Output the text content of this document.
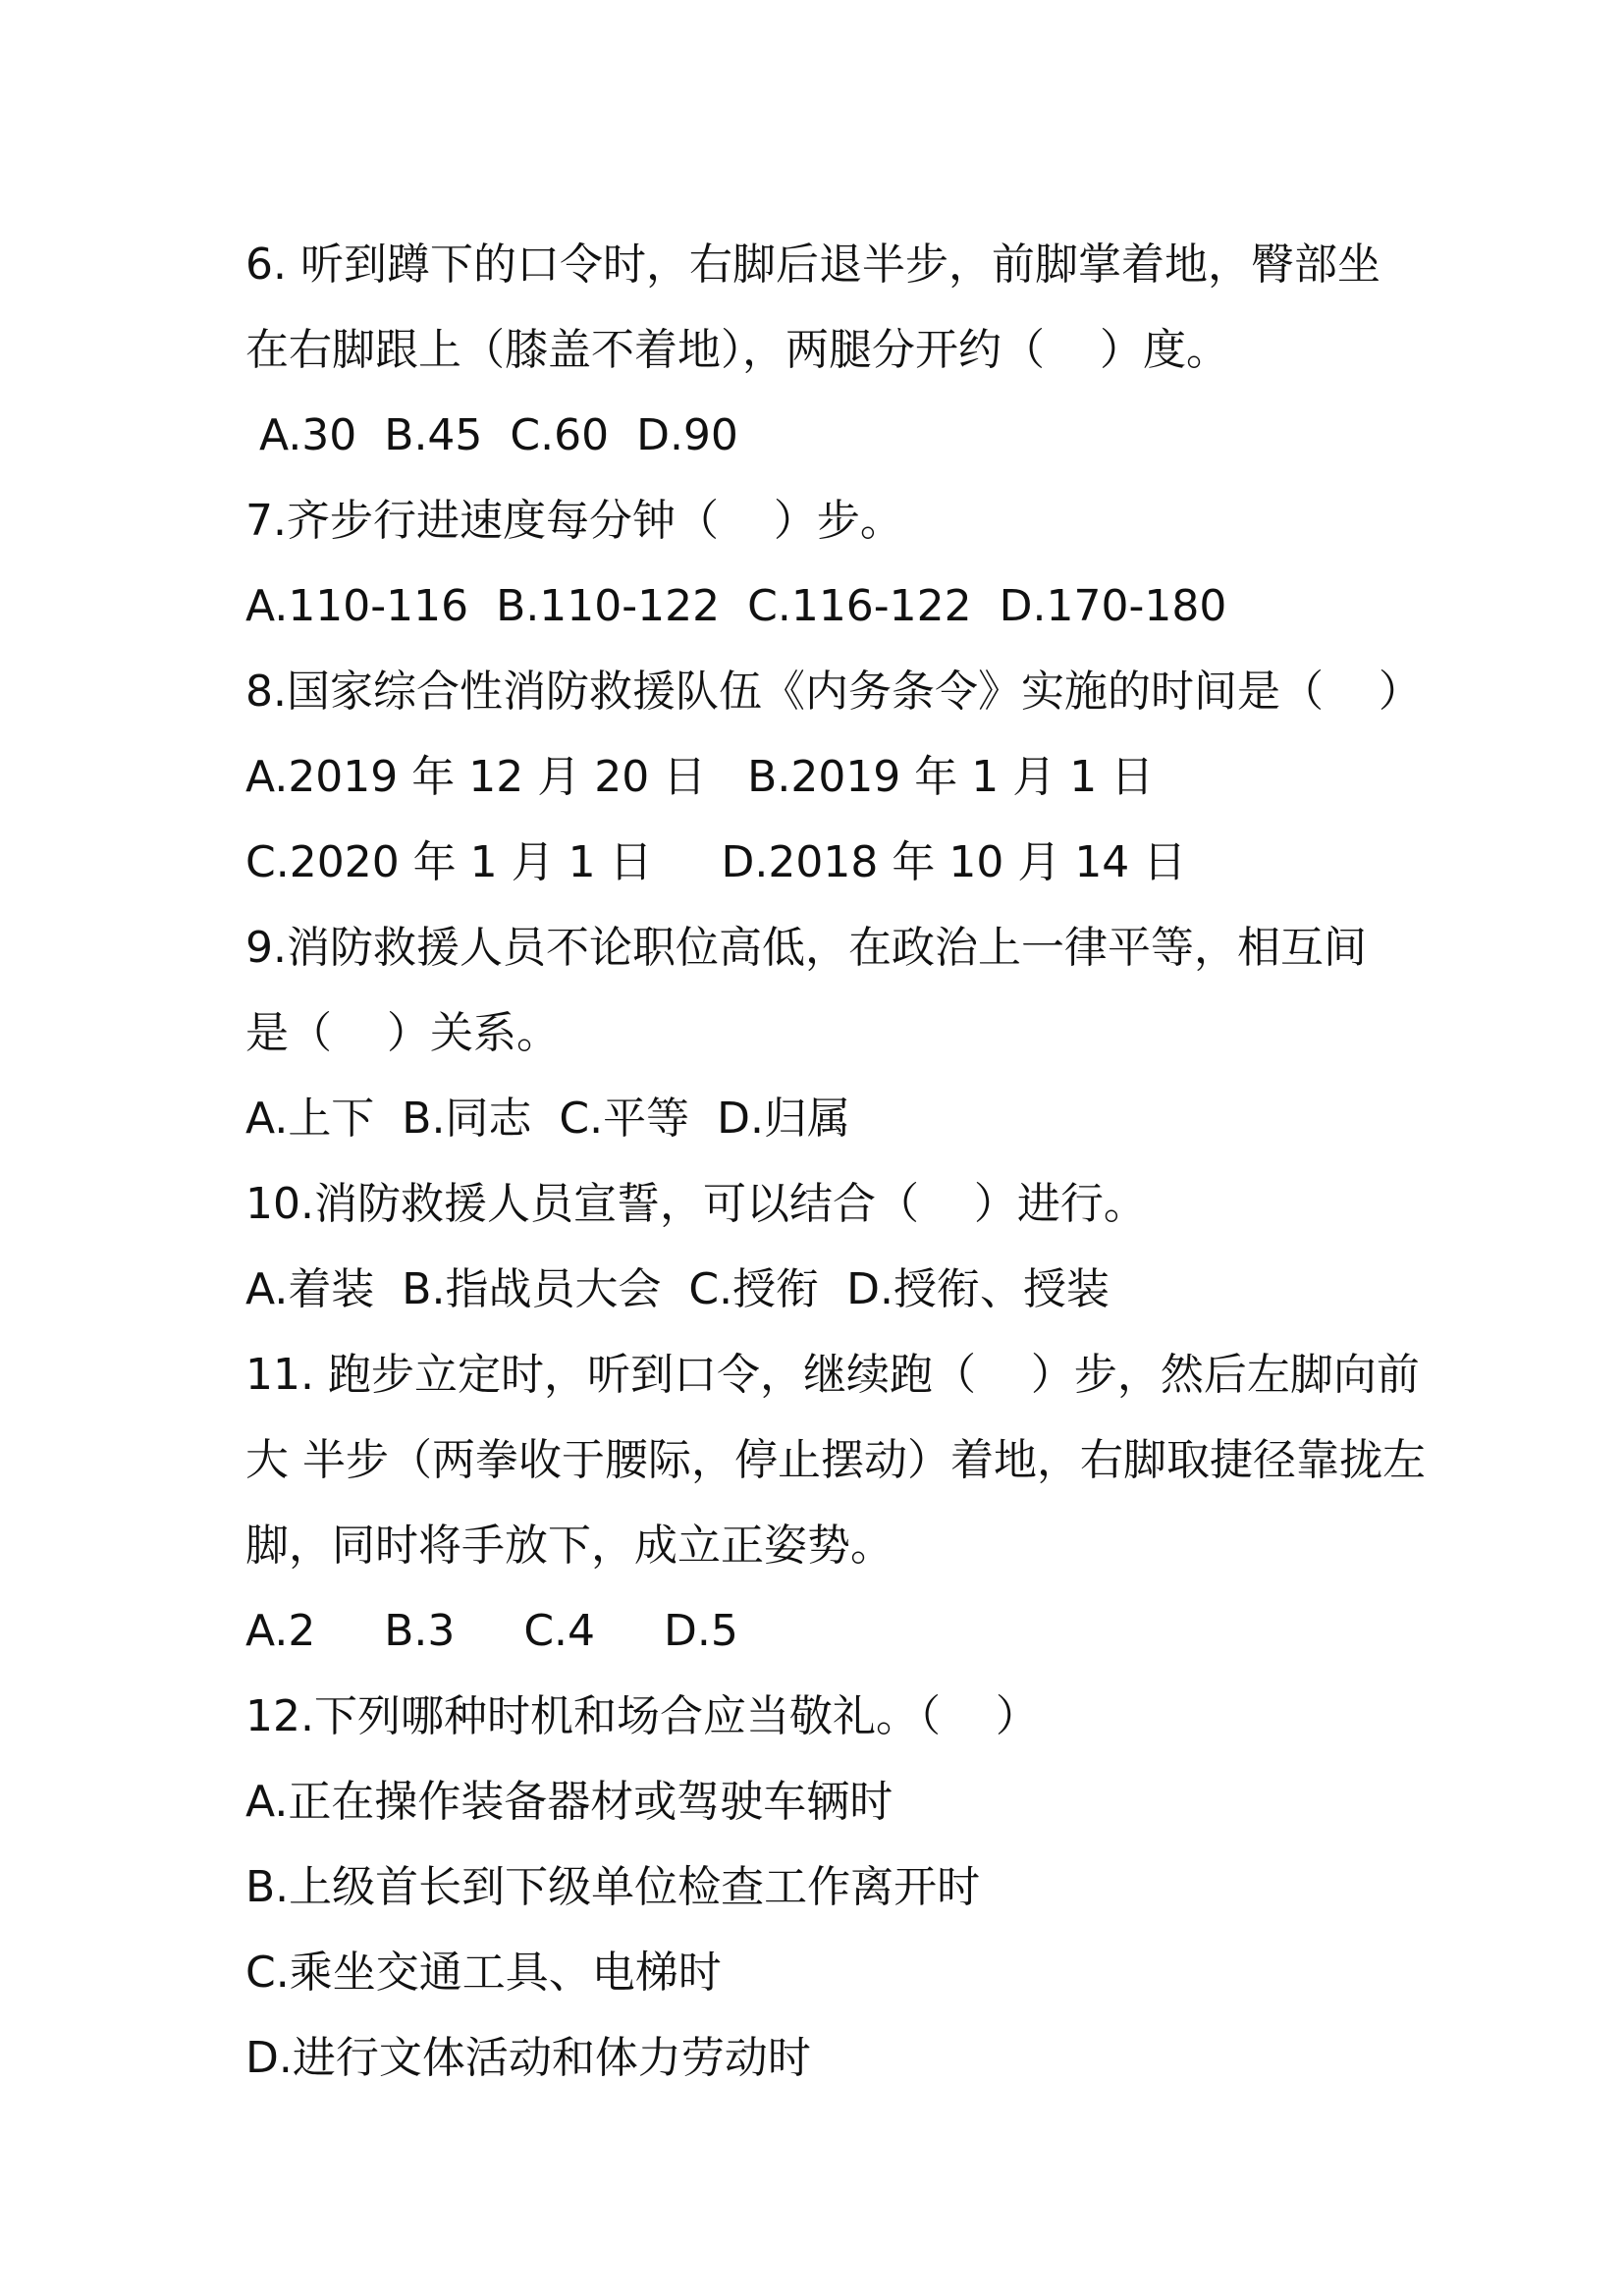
6. 听到蹲下的口令时，右脚后退半步，前脚掌着地，臀部坐

在右脚跟上（膝盖不着地），两腿分开约（    ）度。

A.30  B.45  C.60  D.90

7.齐步行进速度每分钟（    ）步。

A.110-116  B.110-122  C.116-122  D.170-180

8.国家综合性消防救援队伍《内务条令》实施的时间是（    ）

A.2019 年 12 月 20 日   B.2019 年 1 月 1 日

C.2020 年 1 月 1 日     D.2018 年 10 月 14 日

9.消防救援人员不论职位高低，在政治上一律平等，相互间

是（    ）关系。

A.上下  B.同志  C.平等  D.归属

10.消防救援人员宣誓，可以结合（    ）进行。

A.着装  B.指战员大会  C.授衔  D.授衔、授装

11. 跑步立定时，听到口令，继续跑（    ）步，然后左脚向前

大 半步（两拳收于腰际，停止摆动）着地，右脚取捷径靠拢左

脚，同时将手放下，成立正姿势。

A.2     B.3     C.4     D.5

12.下列哪种时机和场合应当敬礼。（    ）

A.正在操作装备器材或驾驶车辆时

B.上级首长到下级单位检查工作离开时

C.乘坐交通工具、电梯时

D.进行文体活动和体力劳动时
